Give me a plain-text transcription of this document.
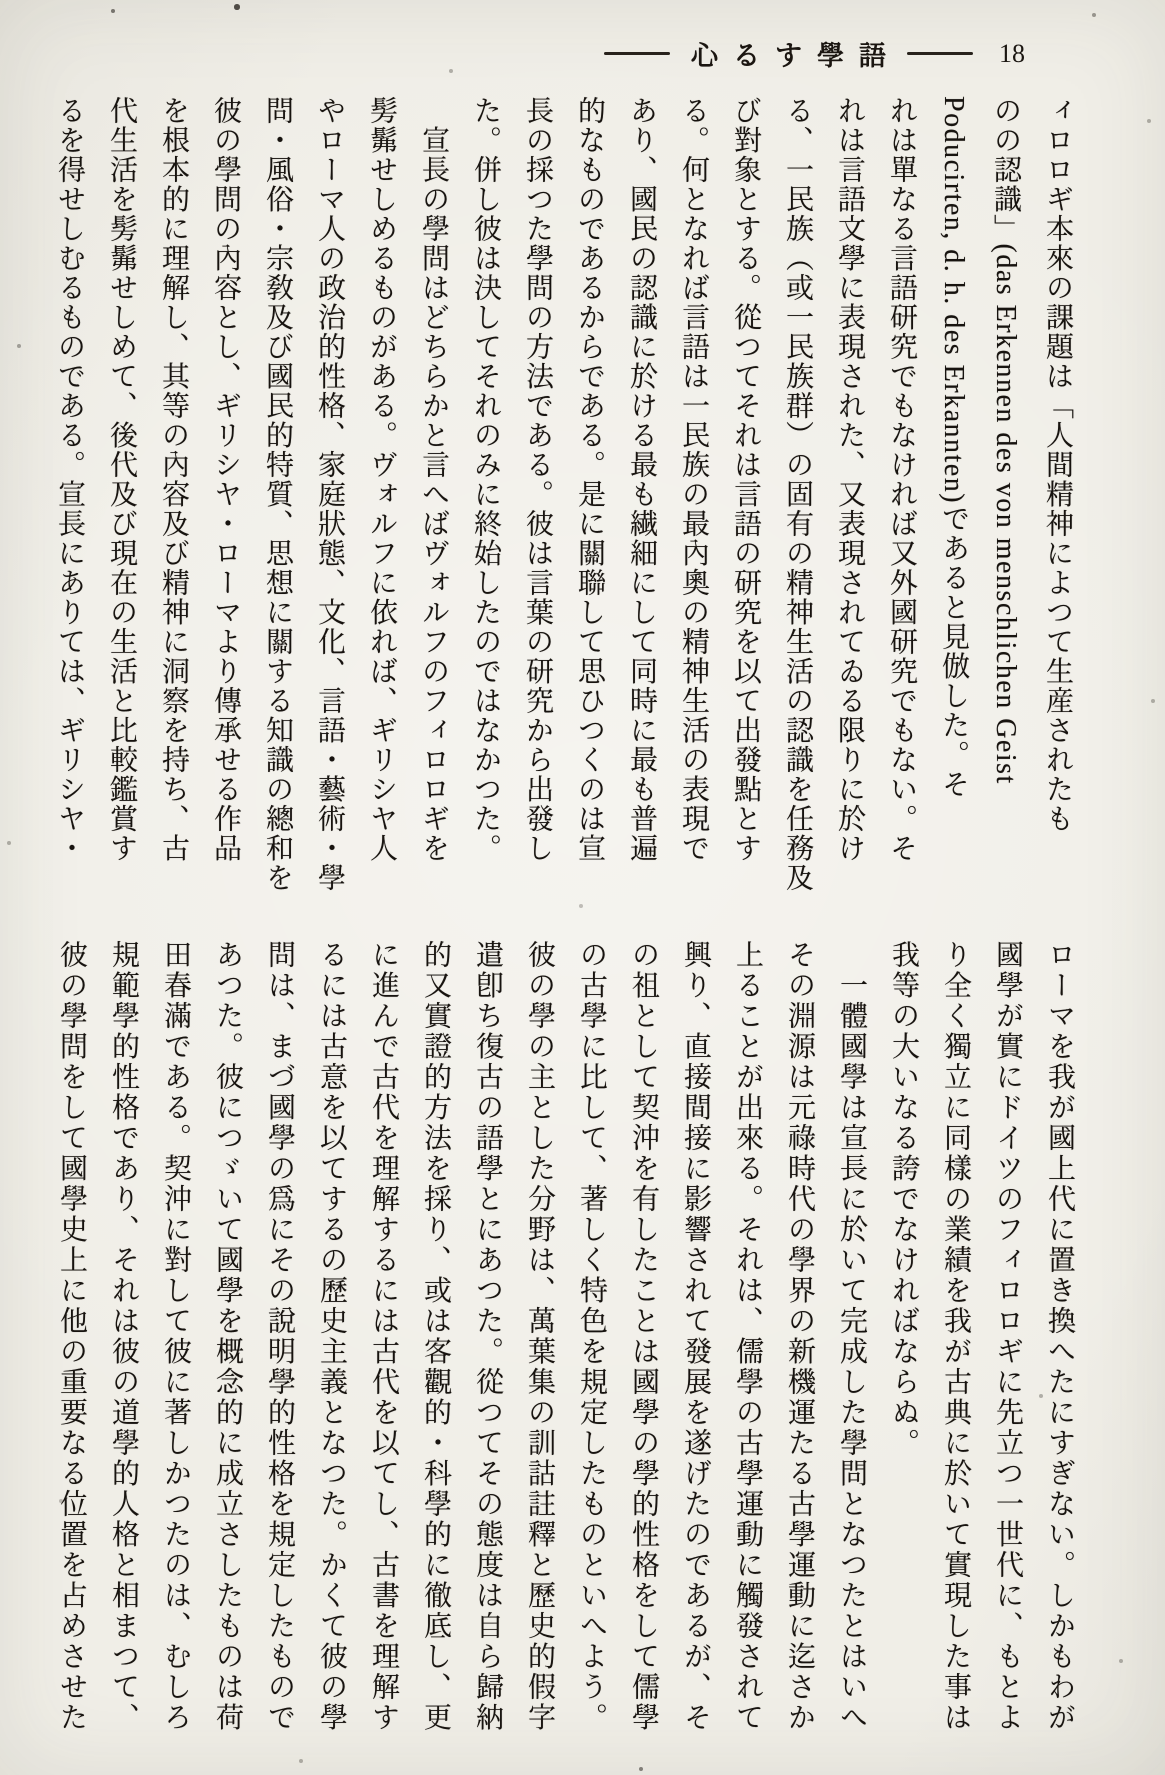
心るす學語	18

ィロロギ本來の課題は「人間精神によつて生産されたも

のの認識」(das Erkennen des von menschlichen Geist

Poducirten, d. h. des Erkannten)であると見倣した。そ

れは單なる言語研究でもなければ又外國研究でもない。そ

れは言語文學に表現された、又表現されてゐる限りに於け

る、一民族（或一民族群）の固有の精神生活の認識を任務及

び對象とする。從つてそれは言語の研究を以て出發點とす

る。何となれば言語は一民族の最內奧の精神生活の表現で

あり、國民の認識に於ける最も繊細にして同時に最も普遍

的なものであるからである。是に關聯して思ひつくのは宣

長の採つた學問の方法である。彼は言葉の研究から出發し

た。併し彼は決してそれのみに終始したのではなかつた。

　宣長の學問はどちらかと言へばヴォルフのフィロロギを

髣髴せしめるものがある。ヴォルフに依れば、ギリシヤ人

やローマ人の政治的性格、家庭狀態、文化、言語・藝術・學

問・風俗・宗敎及び國民的特質、思想に關する知識の總和を

彼の學問の內容とし、ギリシヤ・ローマより傳承せる作品

を根本的に理解し、其等の內容及び精神に洞察を持ち、古

代生活を髣髴せしめて、後代及び現在の生活と比較鑑賞す

るを得せしむるものである。宣長にありては、ギリシヤ・

ローマを我が國上代に置き換へたにすぎない。しかもわが

國學が實にドイツのフィロロギに先立つ一世代に、もとよ

り全く獨立に同樣の業績を我が古典に於いて實現した事は

我等の大いなる誇でなければならぬ。

　一體國學は宣長に於いて完成した學問となつたとはいへ

その淵源は元祿時代の學界の新機運たる古學運動に迄さか

上ることが出來る。それは、儒學の古學運動に觸發されて

興り、直接間接に影響されて發展を遂げたのであるが、そ

の祖として契沖を有したことは國學の學的性格をして儒學

の古學に比して、著しく特色を規定したものといへよう。

彼の學の主とした分野は、萬葉集の訓詁註釋と歷史的假字

遣卽ち復古の語學とにあつた。從つてその態度は自ら歸納

的又實證的方法を採り、或は客觀的・科學的に徹底し、更

に進んで古代を理解するには古代を以てし、古書を理解す

るには古意を以てするの歷史主義となつた。かくて彼の學

問は、まづ國學の爲にその說明學的性格を規定したもので

あつた。彼につゞいて國學を概念的に成立さしたものは荷

田春滿である。契沖に對して彼に著しかつたのは、むしろ

規範學的性格であり、それは彼の道學的人格と相まつて、

彼の學問をして國學史上に他の重要なる位置を占めさせた
